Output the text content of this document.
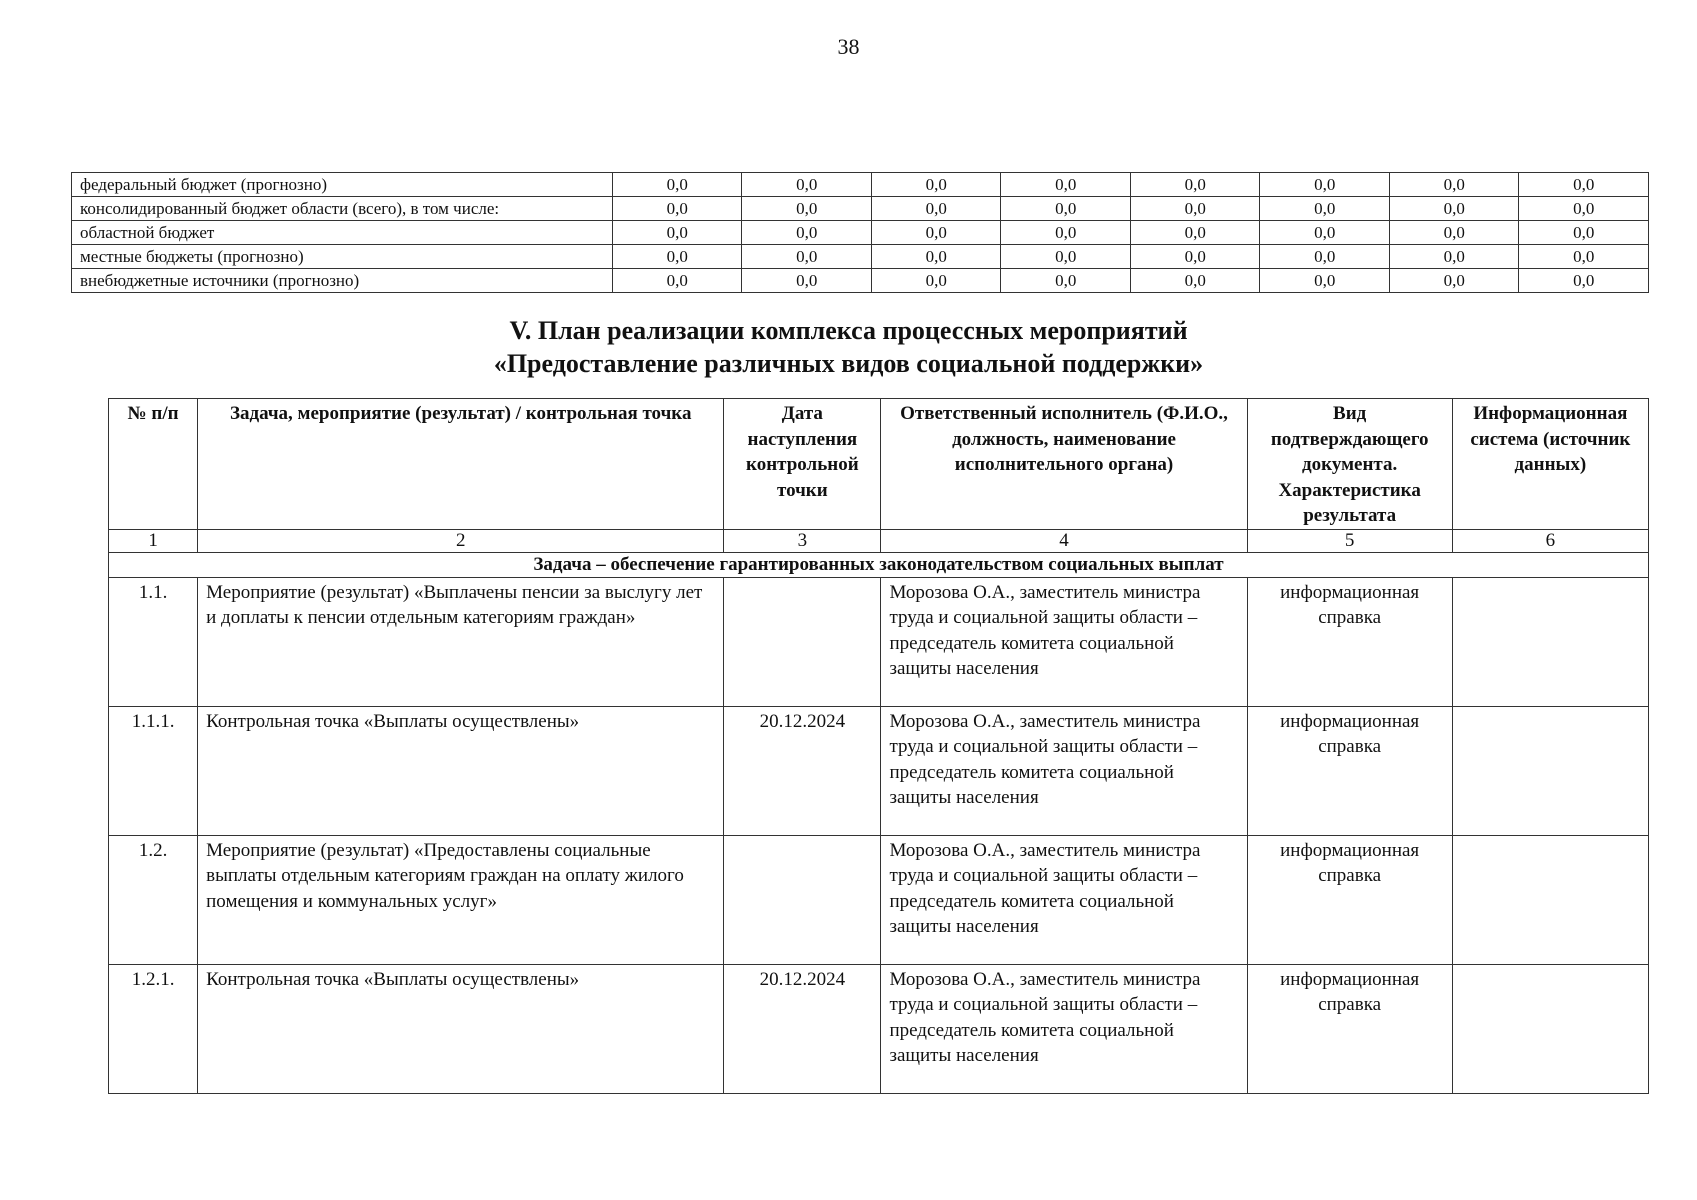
38
федеральный бюджет (прогнозно)	0,0	0,0	0,0	0,0	0,0	0,0	0,0	0,0
консолидированный бюджет области (всего), в том числе:	0,0	0,0	0,0	0,0	0,0	0,0	0,0	0,0
областной бюджет	0,0	0,0	0,0	0,0	0,0	0,0	0,0	0,0
местные бюджеты (прогнозно)	0,0	0,0	0,0	0,0	0,0	0,0	0,0	0,0
внебюджетные источники (прогнозно)	0,0	0,0	0,0	0,0	0,0	0,0	0,0	0,0
V. План реализации комплекса процессных мероприятий
«Предоставление различных видов социальной поддержки»
№ п/п	Задача, мероприятие (результат) / контрольная точка	Дата наступления контрольной точки	Ответственный исполнитель (Ф.И.О., должность, наименование исполнительного органа)	Вид подтверждающего документа. Характеристика результата	Информационная система (источник данных)
1	2	3	4	5	6
Задача – обеспечение гарантированных законодательством социальных выплат					
1.1.	Мероприятие (результат) «Выплачены пенсии за выслугу лет и доплаты к пенсии отдельным категориям граждан»		Морозова О.А., заместитель министра труда и социальной защиты области – председатель комитета социальной защиты населения	информационная справка	
1.1.1.	Контрольная точка «Выплаты осуществлены»	20.12.2024	Морозова О.А., заместитель министра труда и социальной защиты области – председатель комитета социальной защиты населения	информационная справка	
1.2.	Мероприятие (результат) «Предоставлены социальные выплаты отдельным категориям граждан на оплату жилого помещения и коммунальных услуг»		Морозова О.А., заместитель министра труда и социальной защиты области – председатель комитета социальной защиты населения	информационная справка	
1.2.1.	Контрольная точка «Выплаты осуществлены»	20.12.2024	Морозова О.А., заместитель министра труда и социальной защиты области – председатель комитета социальной защиты населения	информационная справка	
